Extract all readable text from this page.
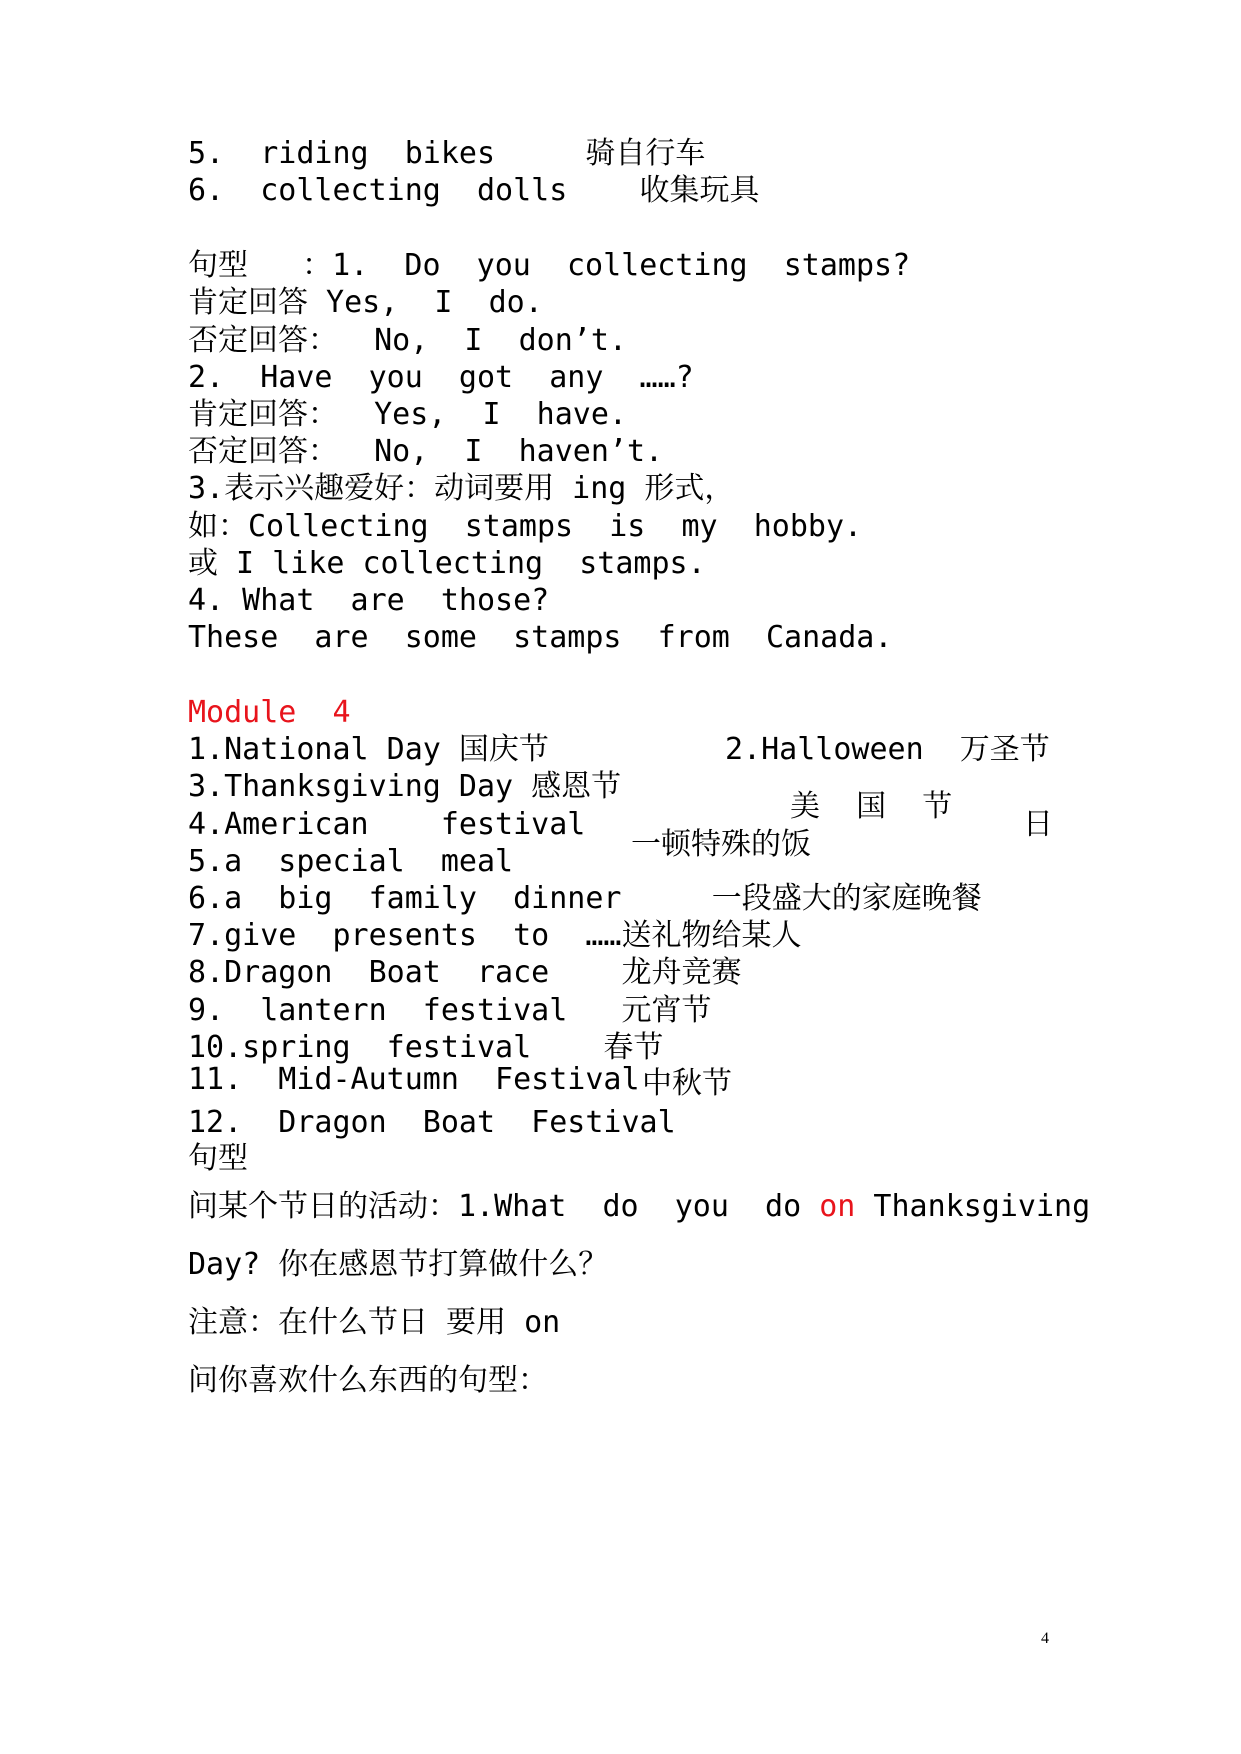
5.  riding  bikes     骑自行车
6.  collecting  dolls    收集玩具
句型   ：1.  Do  you  collecting  stamps?
肯定回答 Yes,  I  do.
否定回答：  No,  I  don’t.
2.  Have  you  got  any  ……?
肯定回答：  Yes,  I  have.
否定回答：  No,  I  haven’t.
3.表示兴趣爱好：动词要用 ing 形式，
如：Collecting  stamps  is  my  hobby.
或 I like collecting  stamps.
4. What  are  those?
These  are  some  stamps  from  Canada.
Module  4
1.National Day 国庆节	2.Halloween  万圣节
3.Thanksgiving Day 感恩节
美  国  节
4.American    festival	日
一顿特殊的饭
5.a  special  meal
6.a  big  family  dinner     一段盛大的家庭晚餐
7.give  presents  to  ……送礼物给某人
8.Dragon  Boat  race    龙舟竞赛
9.  lantern  festival   元宵节
10.spring  festival    春节
11.  Mid-Autumn  Festival 中秋节
12.  Dragon  Boat  Festival
句型
问某个节日的活动：1.What  do  you  do on Thanksgiving
Day? 你在感恩节打算做什么？
注意：在什么节日 要用 on
问你喜欢什么东西的句型：
4
